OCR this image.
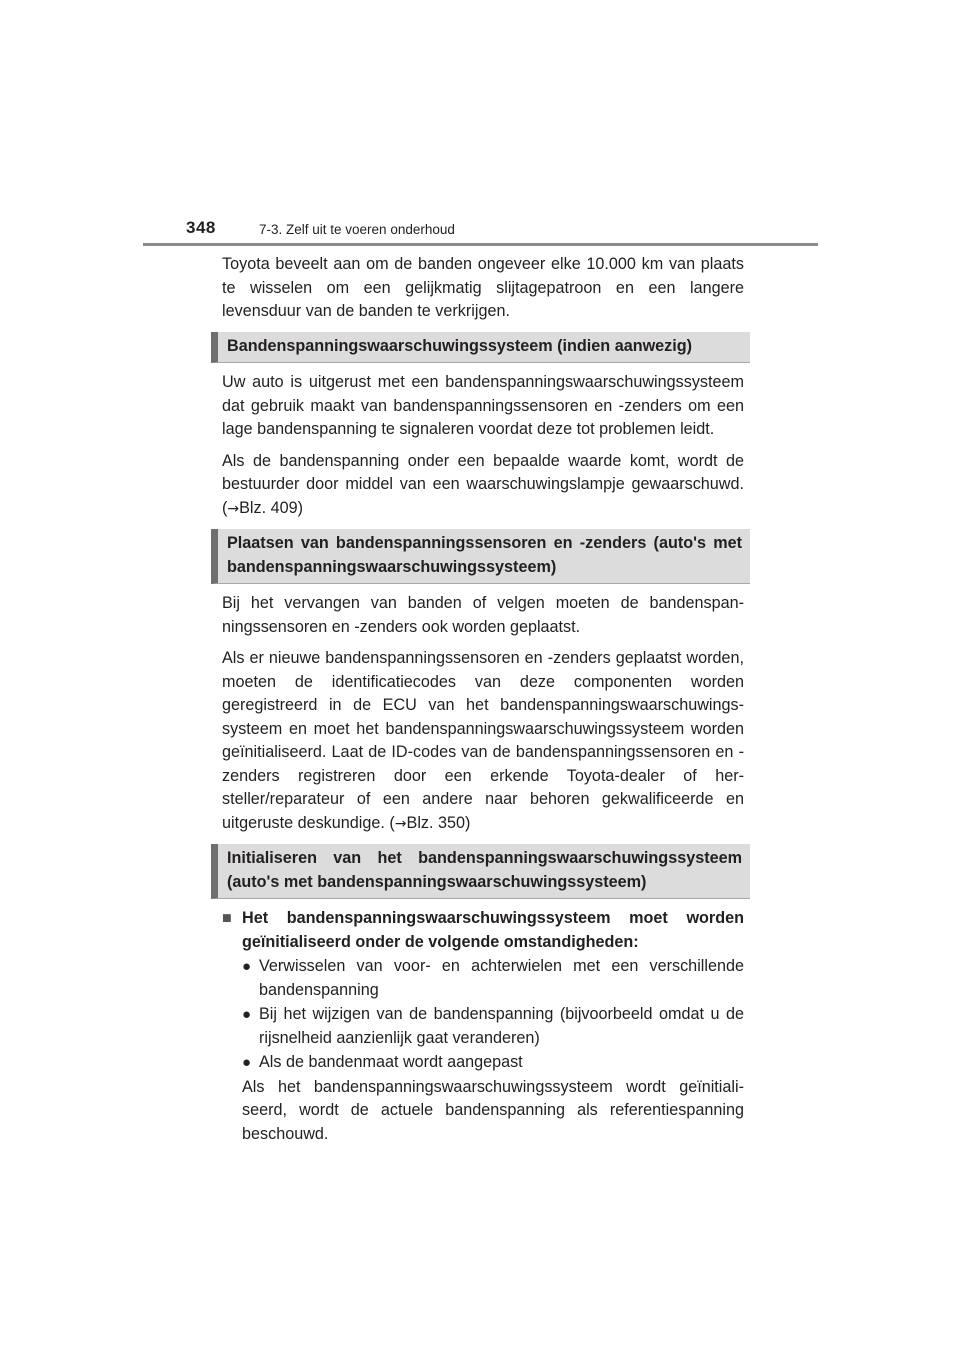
348	7-3. Zelf uit te voeren onderhoud

Toyota beveelt aan om de banden ongeveer elke 10.000 km van plaats te wisselen om een gelijkmatig slijtagepatroon en een langere levensduur van de banden te verkrijgen.

Bandenspanningswaarschuwingssysteem (indien aanwezig)

Uw auto is uitgerust met een bandenspanningswaarschuwingssysteem dat gebruik maakt van bandenspanningssensoren en -zenders om een lage bandenspanning te signaleren voordat deze tot problemen leidt.

Als de bandenspanning onder een bepaalde waarde komt, wordt de bestuurder door middel van een waarschuwingslampje gewaarschuwd. (→Blz. 409)

Plaatsen van bandenspanningssensoren en -zenders (auto's met bandenspanningswaarschuwingssysteem)

Bij het vervangen van banden of velgen moeten de bandenspanningssensoren en -zenders ook worden geplaatst.

Als er nieuwe bandenspanningssensoren en -zenders geplaatst worden, moeten de identificatiecodes van deze componenten worden geregistreerd in de ECU van het bandenspanningswaarschuwingssysteem en moet het bandenspanningswaarschuwingssysteem worden geïnitialiseerd. Laat de ID-codes van de bandenspanningssensoren en -zenders registreren door een erkende Toyota-dealer of hersteller/reparateur of een andere naar behoren gekwalificeerde en uitgeruste deskundige. (→Blz. 350)

Initialiseren van het bandenspanningswaarschuwingssysteem (auto's met bandenspanningswaarschuwingssysteem)
■ Het bandenspanningswaarschuwingssysteem moet worden geïnitialiseerd onder de volgende omstandigheden:
● Verwisselen van voor- en achterwielen met een verschillende bandenspanning
● Bij het wijzigen van de bandenspanning (bijvoorbeeld omdat u de rijsnelheid aanzienlijk gaat veranderen)
● Als de bandenmaat wordt aangepast

Als het bandenspanningswaarschuwingssysteem wordt geïnitialiseerd, wordt de actuele bandenspanning als referentiespanning beschouwd.
